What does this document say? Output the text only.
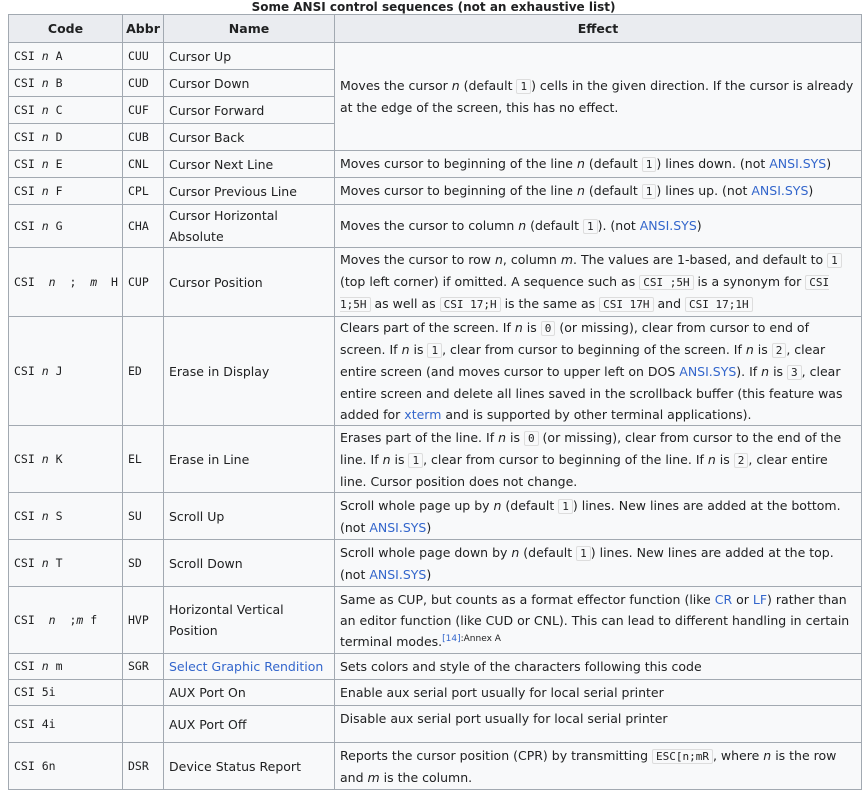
Some ANSI control sequences (not an exhaustive list)
Code	Abbr	Name	Effect
CSI n A	CUU	Cursor Up	Moves the cursor n (default 1 ) cells in the given direction. If the cursor is already at the edge of the screen, this has no effect.
CSI n B	CUD	Cursor Down	
CSI n C	CUF	Cursor Forward	
CSI n D	CUB	Cursor Back	
CSI n E	CNL	Cursor Next Line	Moves cursor to beginning of the line n (default 1 ) lines down. (not ANSI.SYS)
CSI n F	CPL	Cursor Previous Line	Moves cursor to beginning of the line n (default 1 ) lines up. (not ANSI.SYS)
CSI n G	CHA	Cursor Horizontal Absolute	Moves the cursor to column n (default 1 ). (not ANSI.SYS)
CSI n ; m H	CUP	Cursor Position	Moves the cursor to row n, column m. The values are 1-based, and default to 1 (top left corner) if omitted. A sequence such as CSI ;5H is a synonym for CSI 1;5H as well as CSI 17;H is the same as CSI 17H and CSI 17;1H
CSI n J	ED	Erase in Display	Clears part of the screen. If n is 0 (or missing), clear from cursor to end of screen. If n is 1 , clear from cursor to beginning of the screen. If n is 2 , clear entire screen (and moves cursor to upper left on DOS ANSI.SYS). If n is 3 , clear entire screen and delete all lines saved in the scrollback buffer (this feature was added for xterm and is supported by other terminal applications).
CSI n K	EL	Erase in Line	Erases part of the line. If n is 0 (or missing), clear from cursor to the end of the line. If n is 1 , clear from cursor to beginning of the line. If n is 2 , clear entire line. Cursor position does not change.
CSI n S	SU	Scroll Up	Scroll whole page up by n (default 1 ) lines. New lines are added at the bottom. (not ANSI.SYS)
CSI n T	SD	Scroll Down	Scroll whole page down by n (default 1 ) lines. New lines are added at the top. (not ANSI.SYS)
CSI n ;m f	HVP	Horizontal Vertical Position	Same as CUP, but counts as a format effector function (like CR or LF) rather than an editor function (like CUD or CNL). This can lead to different handling in certain terminal modes.$^{[14]:Annex A}$
CSI n m	SGR	Select Graphic Rendition	Sets colors and style of the characters following this code
CSI 5i		AUX Port On	Enable aux serial port usually for local serial printer
CSI 4i		AUX Port Off	Disable aux serial port usually for local serial printer
CSI 6n	DSR	Device Status Report	Reports the cursor position (CPR) by transmitting ESC[n;mR , where n is the row and m is the column.
